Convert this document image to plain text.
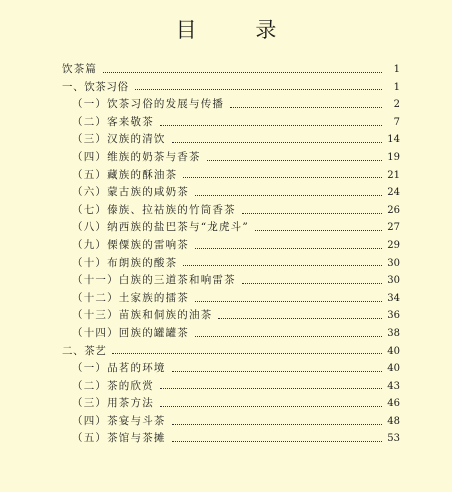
目 录
饮茶篇	1
一、饮茶习俗	1
（一）饮茶习俗的发展与传播	2
（二）客来敬茶	7
（三）汉族的清饮	14
（四）维族的奶茶与香茶	19
（五）藏族的酥油茶	21
（六）蒙古族的咸奶茶	24
（七）傣族、拉祜族的竹筒香茶	26
（八）纳西族的盐巴茶与“龙虎斗”	27
（九）傈僳族的雷响茶	29
（十）布朗族的酸茶	30
（十一）白族的三道茶和响雷茶	30
（十二）土家族的擂茶	34
（十三）苗族和侗族的油茶	36
（十四）回族的罐罐茶	38
二、茶艺	40
（一）品茗的环境	40
（二）茶的欣赏	43
（三）用茶方法	46
（四）茶宴与斗茶	48
（五）茶馆与茶摊	53
